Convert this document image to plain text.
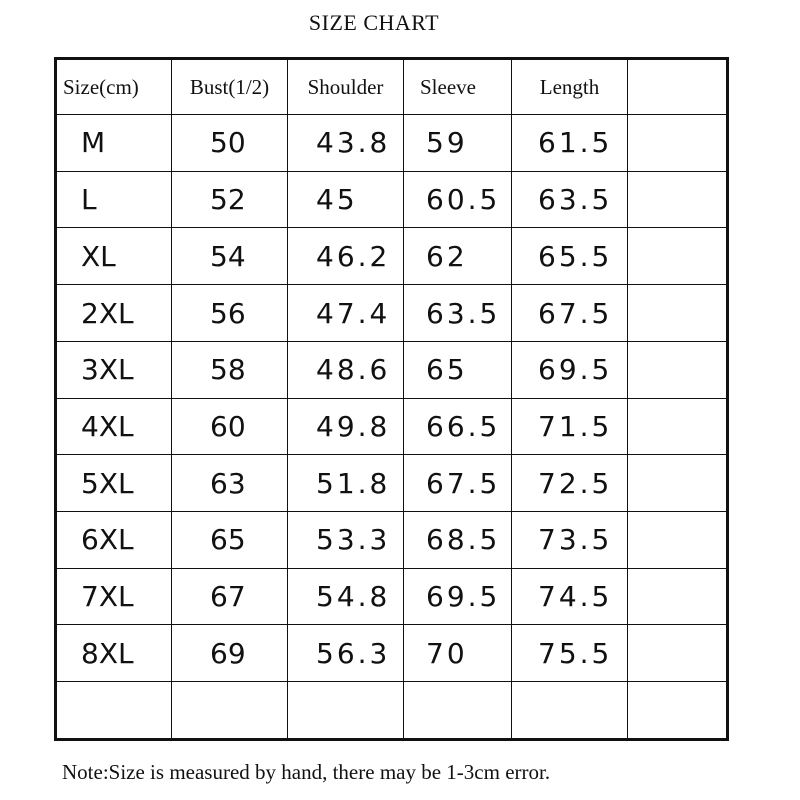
SIZE CHART
Size(cm)	Bust(1/2)	Shoulder	Sleeve	Length	
M	50	43.8	59	61.5	
L	52	45	60.5	63.5	
XL	54	46.2	62	65.5	
2XL	56	47.4	63.5	67.5	
3XL	58	48.6	65	69.5	
4XL	60	49.8	66.5	71.5	
5XL	63	51.8	67.5	72.5	
6XL	65	53.3	68.5	73.5	
7XL	67	54.8	69.5	74.5	
8XL	69	56.3	70	75.5	

Note:Size is measured by hand, there may be 1-3cm error.
